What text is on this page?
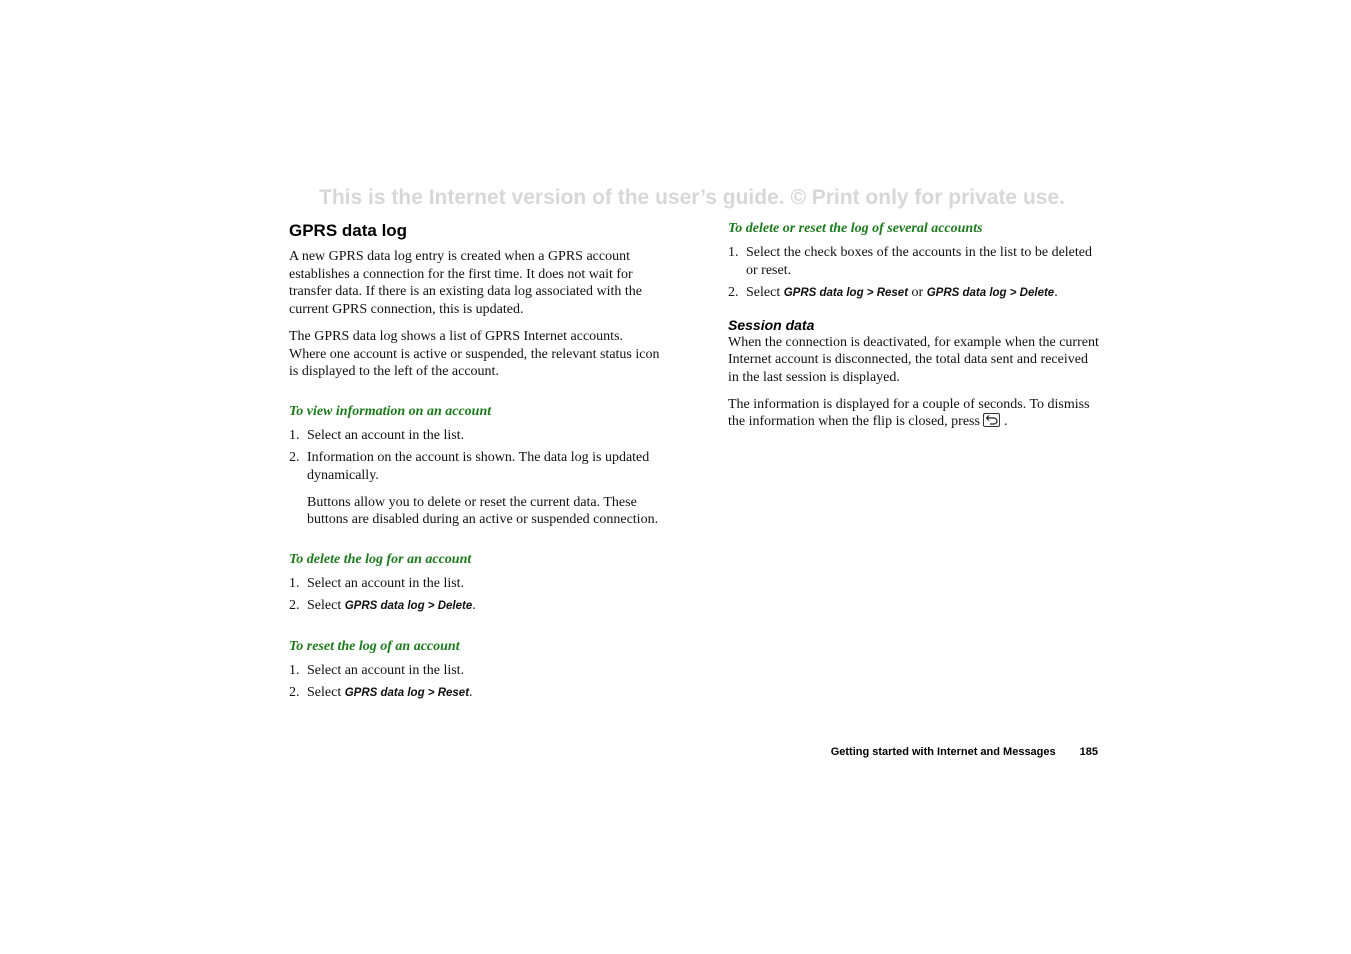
This is the Internet version of the user’s guide. © Print only for private use.
GPRS data log

A new GPRS data log entry is created when a GPRS account establishes a connection for the first time. It does not wait for transfer data. If there is an existing data log associated with the current GPRS connection, this is updated.

The GPRS data log shows a list of GPRS Internet accounts. Where one account is active or suspended, the relevant status icon is displayed to the left of the account.

To view information on an account
1. Select an account in the list.
2. Information on the account is shown. The data log is updated dynamically.
Buttons allow you to delete or reset the current data. These buttons are disabled during an active or suspended connection.
To delete the log for an account
1. Select an account in the list.
2. Select GPRS data log > Delete.
To reset the log of an account
1. Select an account in the list.
2. Select GPRS data log > Reset.
To delete or reset the log of several accounts
1. Select the check boxes of the accounts in the list to be deleted or reset.
2. Select GPRS data log > Reset or GPRS data log > Delete.
Session data

When the connection is deactivated, for example when the current Internet account is disconnected, the total data sent and received in the last session is displayed.

The information is displayed for a couple of seconds. To dismiss the information when the flip is closed, press .

Getting started with Internet and Messages 185
